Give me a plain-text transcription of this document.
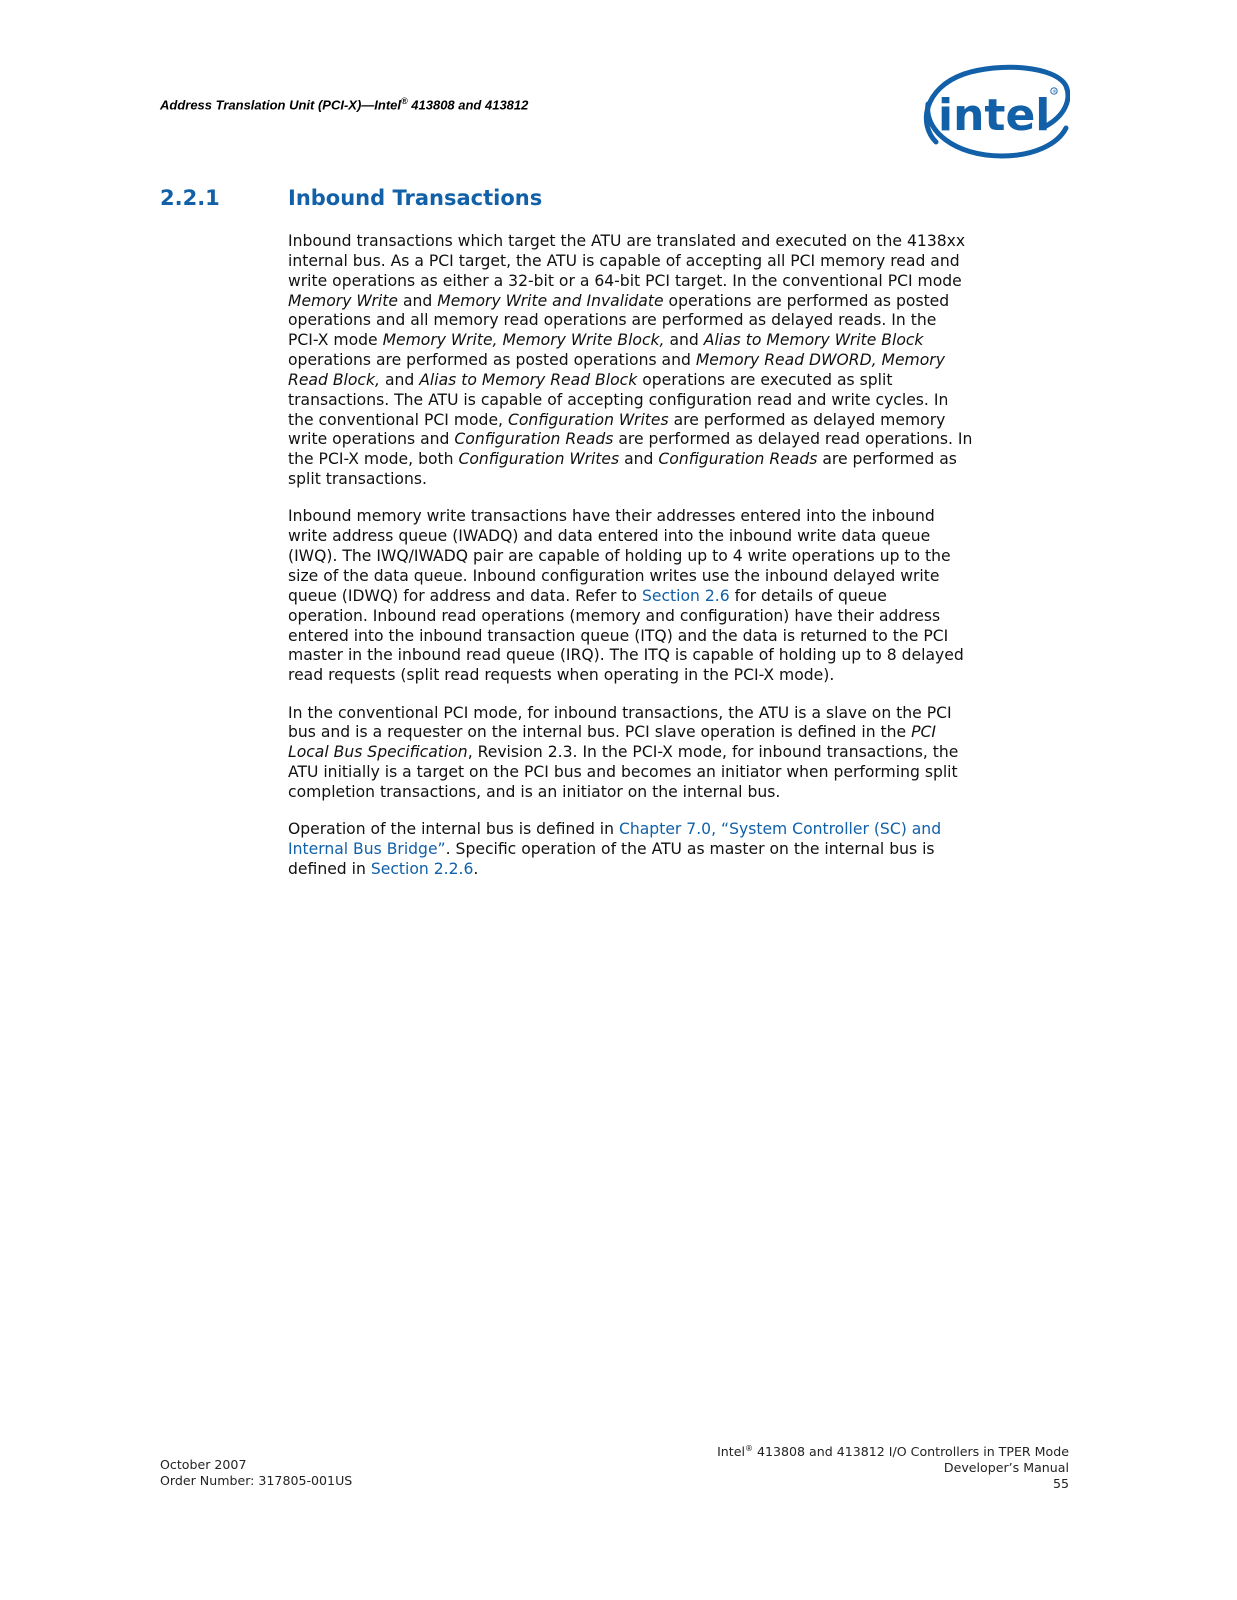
Address Translation Unit (PCI-X)—Intel® 413808 and 413812	intel ®
2.2.1	Inbound Transactions

Inbound transactions which target the ATU are translated and executed on the 4138xx
internal bus. As a PCI target, the ATU is capable of accepting all PCI memory read and
write operations as either a 32-bit or a 64-bit PCI target. In the conventional PCI mode
Memory Write and Memory Write and Invalidate operations are performed as posted
operations and all memory read operations are performed as delayed reads. In the
PCI-X mode Memory Write, Memory Write Block, and Alias to Memory Write Block
operations are performed as posted operations and Memory Read DWORD, Memory
Read Block, and Alias to Memory Read Block operations are executed as split
transactions. The ATU is capable of accepting configuration read and write cycles. In
the conventional PCI mode, Configuration Writes are performed as delayed memory
write operations and Configuration Reads are performed as delayed read operations. In
the PCI-X mode, both Configuration Writes and Configuration Reads are performed as
split transactions.

Inbound memory write transactions have their addresses entered into the inbound
write address queue (IWADQ) and data entered into the inbound write data queue
(IWQ). The IWQ/IWADQ pair are capable of holding up to 4 write operations up to the
size of the data queue. Inbound configuration writes use the inbound delayed write
queue (IDWQ) for address and data. Refer to Section 2.6 for details of queue
operation. Inbound read operations (memory and configuration) have their address
entered into the inbound transaction queue (ITQ) and the data is returned to the PCI
master in the inbound read queue (IRQ). The ITQ is capable of holding up to 8 delayed
read requests (split read requests when operating in the PCI-X mode).

In the conventional PCI mode, for inbound transactions, the ATU is a slave on the PCI
bus and is a requester on the internal bus. PCI slave operation is defined in the PCI
Local Bus Specification, Revision 2.3. In the PCI-X mode, for inbound transactions, the
ATU initially is a target on the PCI bus and becomes an initiator when performing split
completion transactions, and is an initiator on the internal bus.

Operation of the internal bus is defined in Chapter 7.0, “System Controller (SC) and
Internal Bus Bridge”. Specific operation of the ATU as master on the internal bus is
defined in Section 2.2.6.

October 2007
Order Number: 317805-001US
Intel® 413808 and 413812 I/O Controllers in TPER Mode
Developer’s Manual
55
